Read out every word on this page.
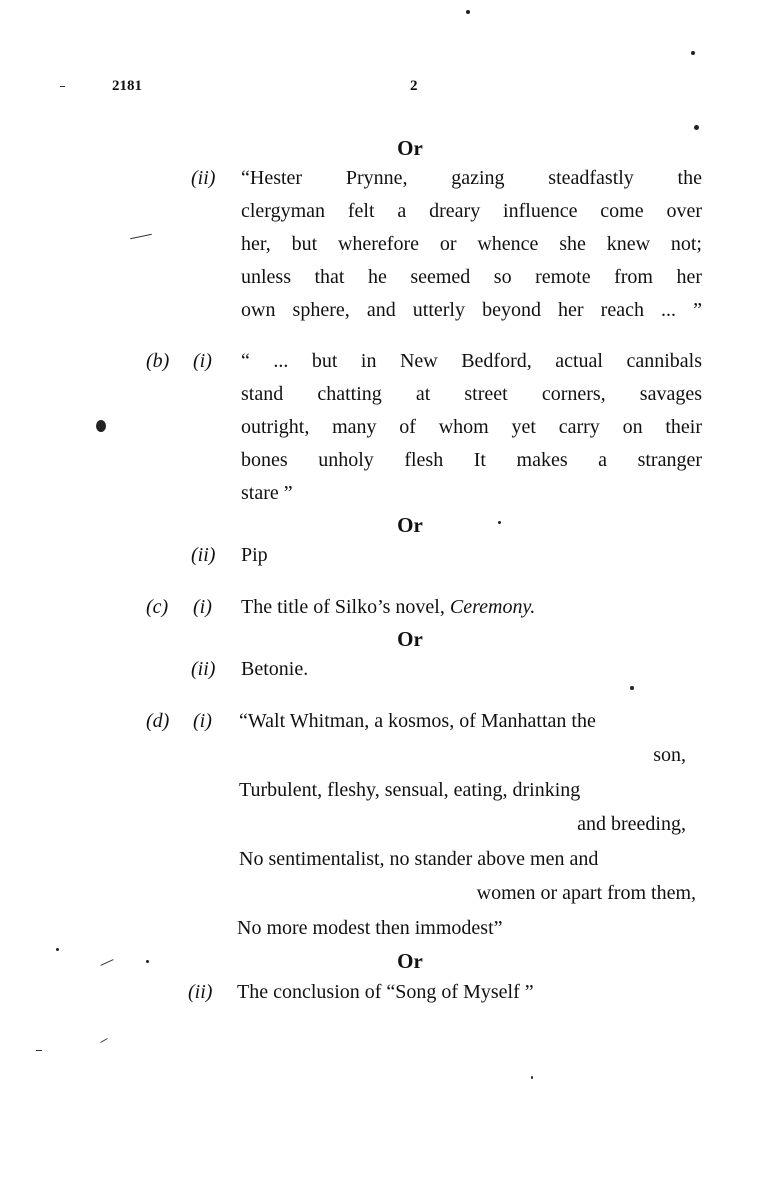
2181	2
Or
(ii) “Hester Prynne, gazing steadfastly the
clergyman felt a dreary influence come over
her, but wherefore or whence she knew not;
unless that he seemed so remote from her
own sphere, and utterly beyond her reach ... ”
(b) (i) “ ... but in New Bedford, actual cannibals
stand chatting at street corners, savages
outright, many of whom yet carry on their
bones unholy flesh It makes a stranger
stare ”
Or
(ii) Pip
(c) (i) The title of Silko’s novel, Ceremony.
Or
(ii) Betonie.
(d) (i) “Walt Whitman, a kosmos, of Manhattan the
son,
Turbulent, fleshy, sensual, eating, drinking
and breeding,
No sentimentalist, no stander above men and
women or apart from them,
No more modest then immodest”
Or
(ii) The conclusion of “Song of Myself ”
